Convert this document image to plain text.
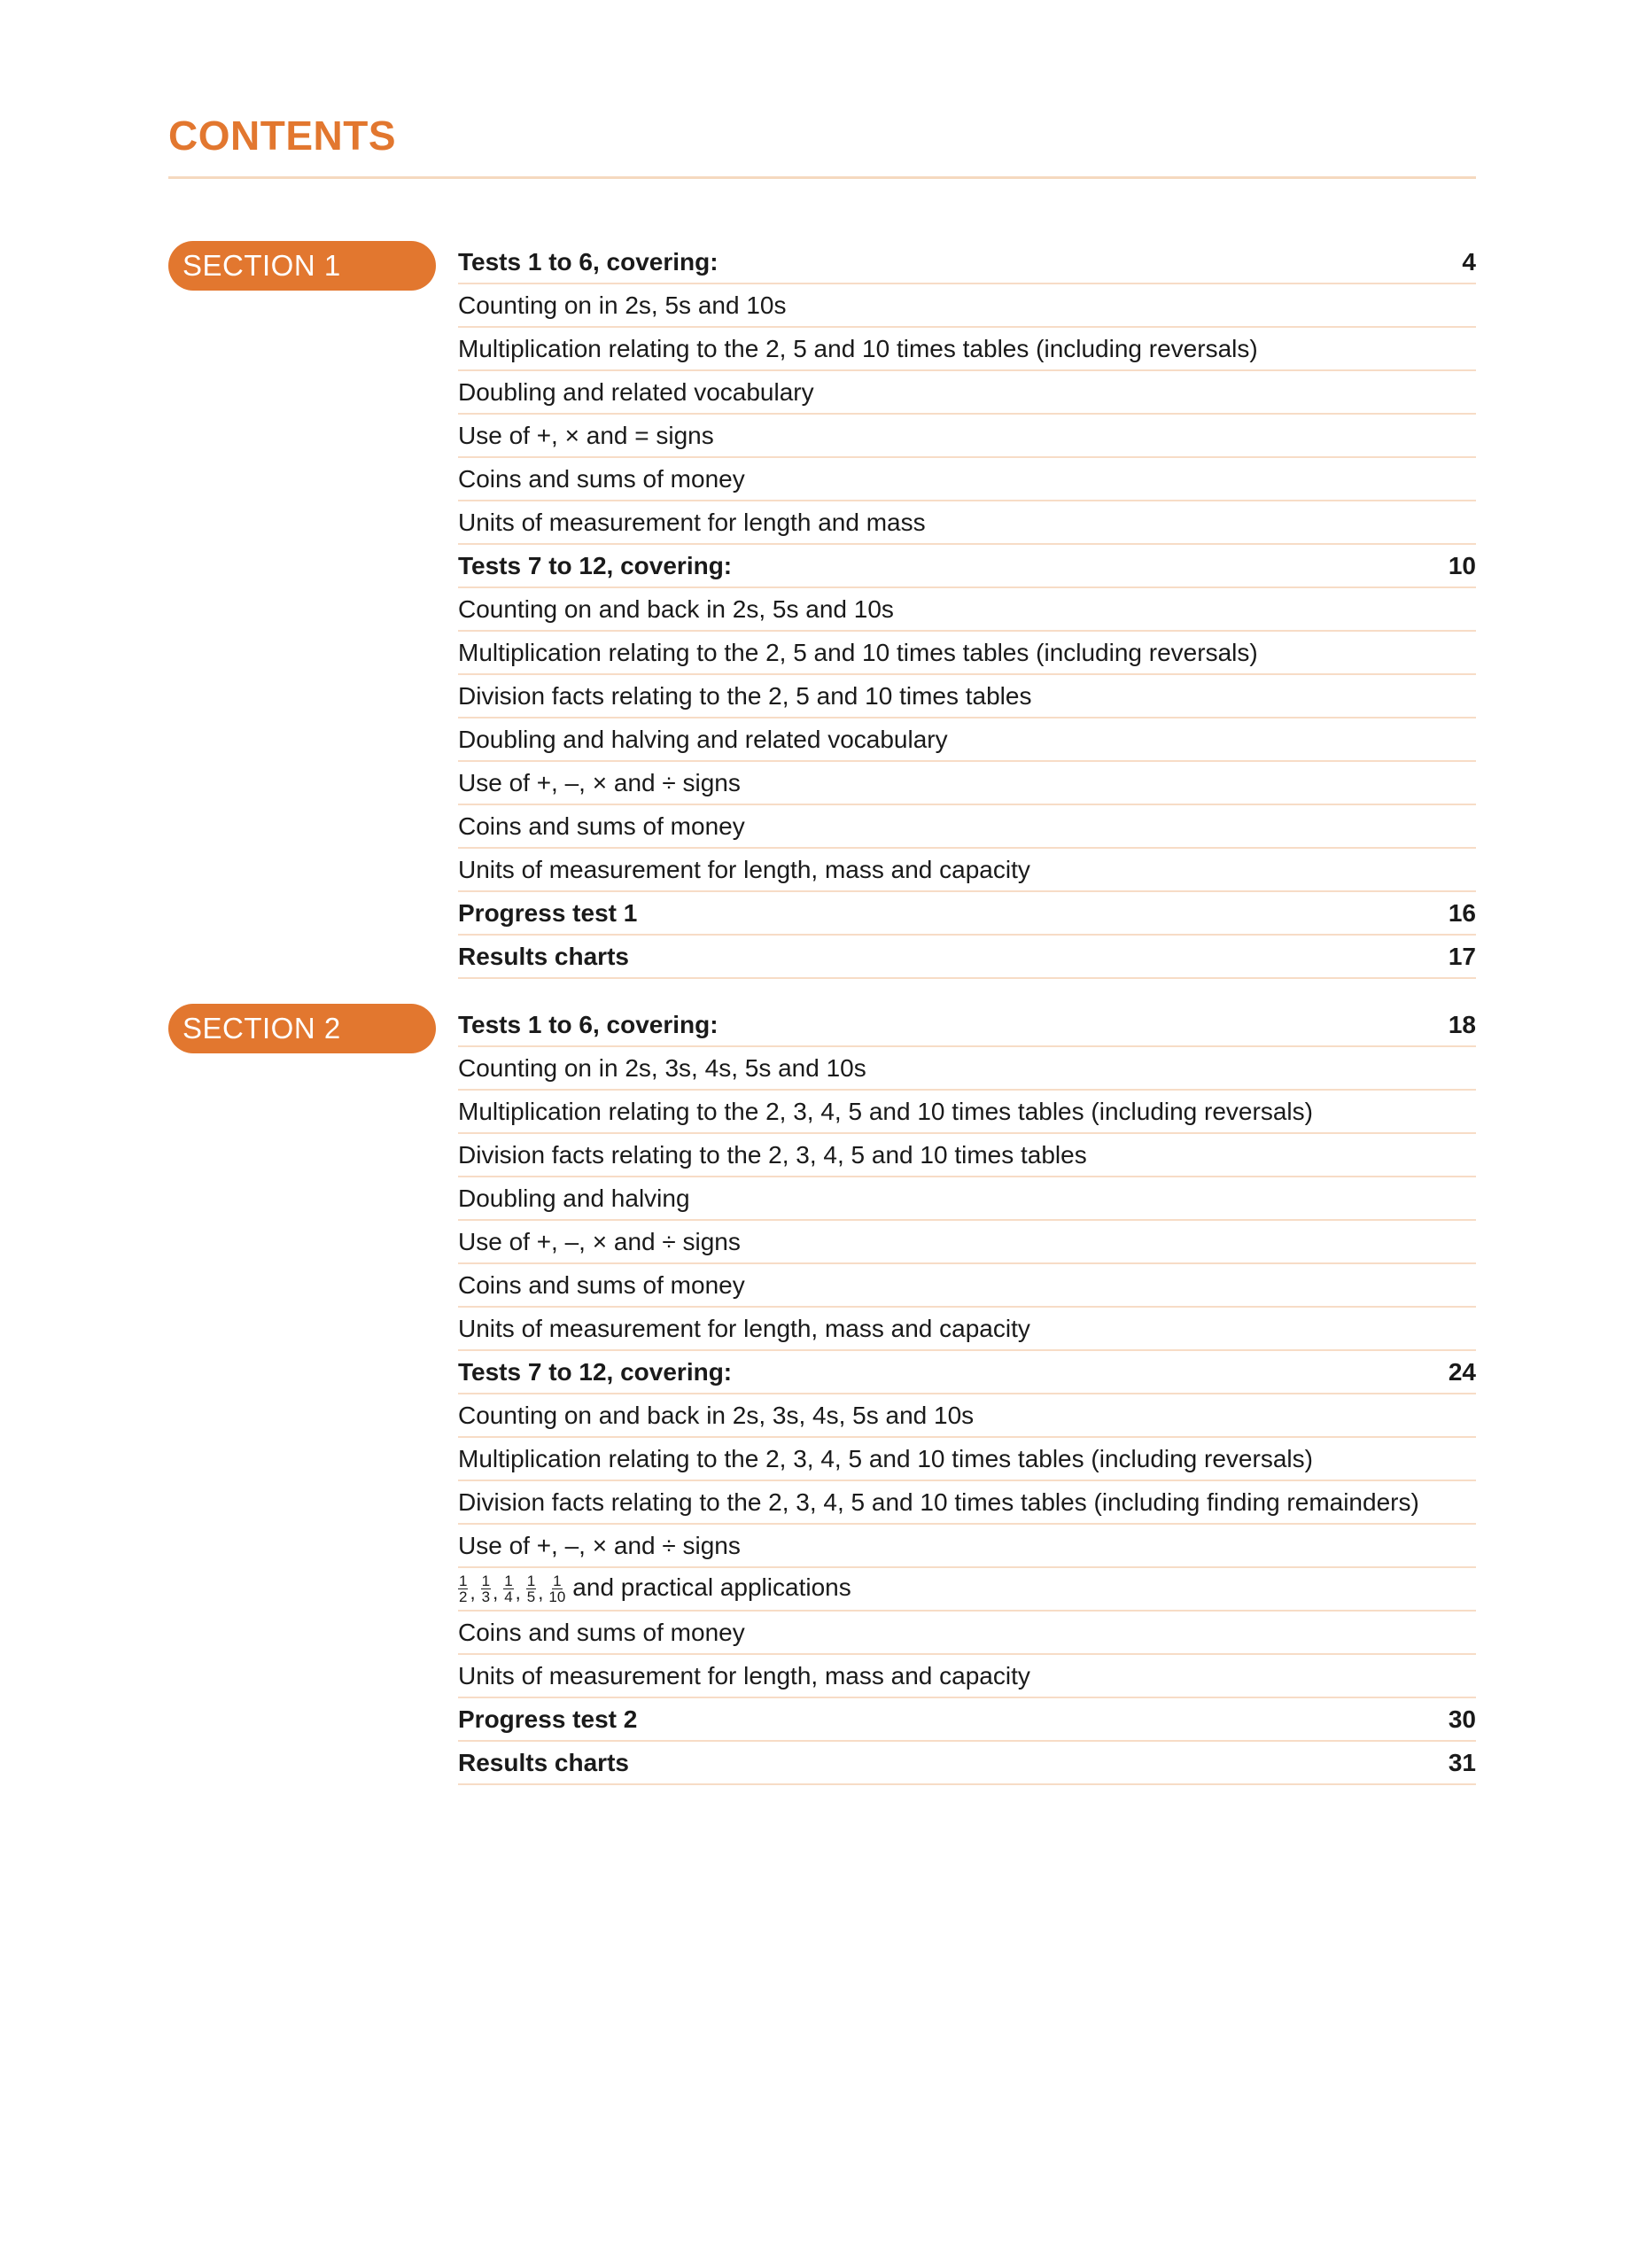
CONTENTS
SECTION 1	Tests 1 to 6, covering:	4
Counting on in 2s, 5s and 10s
Multiplication relating to the 2, 5 and 10 times tables (including reversals)
Doubling and related vocabulary
Use of +, × and = signs
Coins and sums of money
Units of measurement for length and mass
Tests 7 to 12, covering:	10
Counting on and back in 2s, 5s and 10s
Multiplication relating to the 2, 5 and 10 times tables (including reversals)
Division facts relating to the 2, 5 and 10 times tables
Doubling and halving and related vocabulary
Use of +, –, × and ÷ signs
Coins and sums of money
Units of measurement for length, mass and capacity
Progress test 1	16
Results charts	17
SECTION 2	Tests 1 to 6, covering:	18
Counting on in 2s, 3s, 4s, 5s and 10s
Multiplication relating to the 2, 3, 4, 5 and 10 times tables (including reversals)
Division facts relating to the 2, 3, 4, 5 and 10 times tables
Doubling and halving
Use of +, –, × and ÷ signs
Coins and sums of money
Units of measurement for length, mass and capacity
Tests 7 to 12, covering:	24
Counting on and back in 2s, 3s, 4s, 5s and 10s
Multiplication relating to the 2, 3, 4, 5 and 10 times tables (including reversals)
Division facts relating to the 2, 3, 4, 5 and 10 times tables (including finding remainders)
Use of +, –, × and ÷ signs
$\frac{1}{2}$ , $\frac{1}{3}$ , $\frac{1}{4}$ , $\frac{1}{5}$ , $\frac{1}{10}$ and practical applications
Coins and sums of money
Units of measurement for length, mass and capacity
Progress test 2	30
Results charts	31
